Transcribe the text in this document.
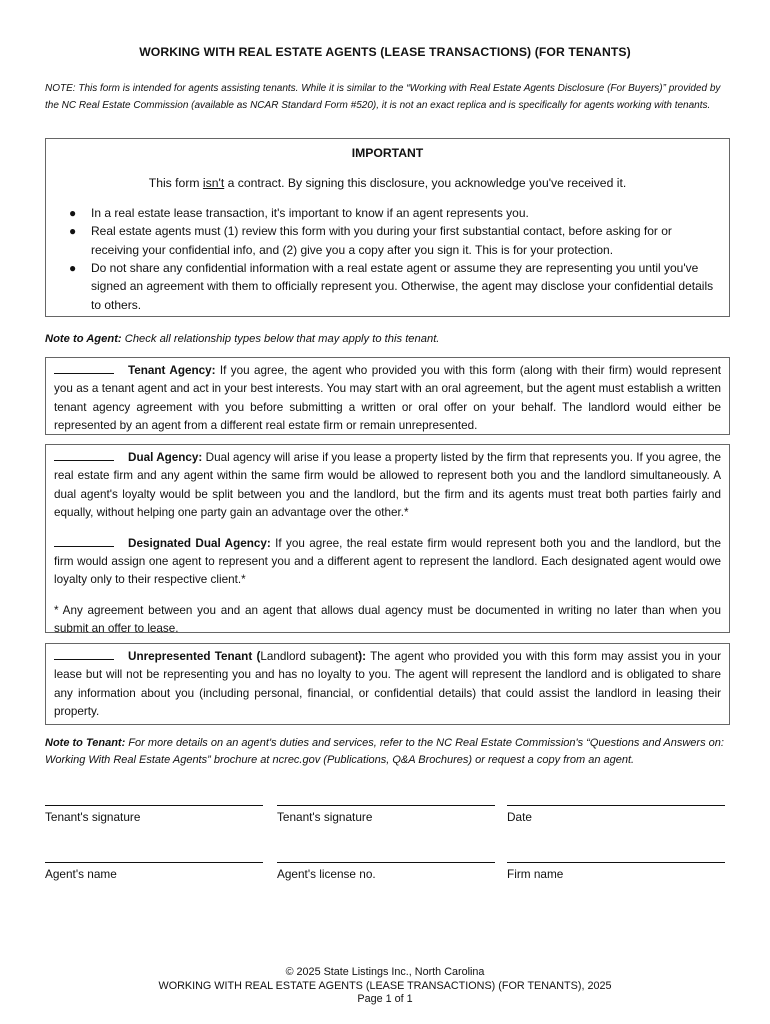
WORKING WITH REAL ESTATE AGENTS (LEASE TRANSACTIONS) (FOR TENANTS)
NOTE: This form is intended for agents assisting tenants. While it is similar to the “Working with Real Estate Agents Disclosure (For Buyers)” provided by the NC Real Estate Commission (available as NCAR Standard Form #520), it is not an exact replica and is specifically for agents working with tenants.
IMPORTANT
This form isn't a contract. By signing this disclosure, you acknowledge you've received it.
● In a real estate lease transaction, it's important to know if an agent represents you.
● Real estate agents must (1) review this form with you during your first substantial contact, before asking for or receiving your confidential info, and (2) give you a copy after you sign it. This is for your protection.
● Do not share any confidential information with a real estate agent or assume they are representing you until you've signed an agreement with them to officially represent you. Otherwise, the agent may disclose your confidential details to others.
Note to Agent: Check all relationship types below that may apply to this tenant.
Tenant Agency: If you agree, the agent who provided you with this form (along with their firm) would represent you as a tenant agent and act in your best interests. You may start with an oral agreement, but the agent must establish a written tenant agency agreement with you before submitting a written or oral offer on your behalf. The landlord would either be represented by an agent from a different real estate firm or remain unrepresented.
Dual Agency: Dual agency will arise if you lease a property listed by the firm that represents you. If you agree, the real estate firm and any agent within the same firm would be allowed to represent both you and the landlord simultaneously. A dual agent's loyalty would be split between you and the landlord, but the firm and its agents must treat both parties fairly and equally, without helping one party gain an advantage over the other.*
Designated Dual Agency: If you agree, the real estate firm would represent both you and the landlord, but the firm would assign one agent to represent you and a different agent to represent the landlord. Each designated agent would owe loyalty only to their respective client.*
* Any agreement between you and an agent that allows dual agency must be documented in writing no later than when you submit an offer to lease.
Unrepresented Tenant (Landlord subagent): The agent who provided you with this form may assist you in your lease but will not be representing you and has no loyalty to you. The agent will represent the landlord and is obligated to share any information about you (including personal, financial, or confidential details) that could assist the landlord in leasing their property.
Note to Tenant: For more details on an agent's duties and services, refer to the NC Real Estate Commission's “Questions and Answers on: Working With Real Estate Agents” brochure at ncrec.gov (Publications, Q&A Brochures) or request a copy from an agent.
Tenant's signature	Tenant's signature	Date
Agent's name	Agent's license no.	Firm name
© 2025 State Listings Inc., North Carolina
WORKING WITH REAL ESTATE AGENTS (LEASE TRANSACTIONS) (FOR TENANTS), 2025
Page 1 of 1
